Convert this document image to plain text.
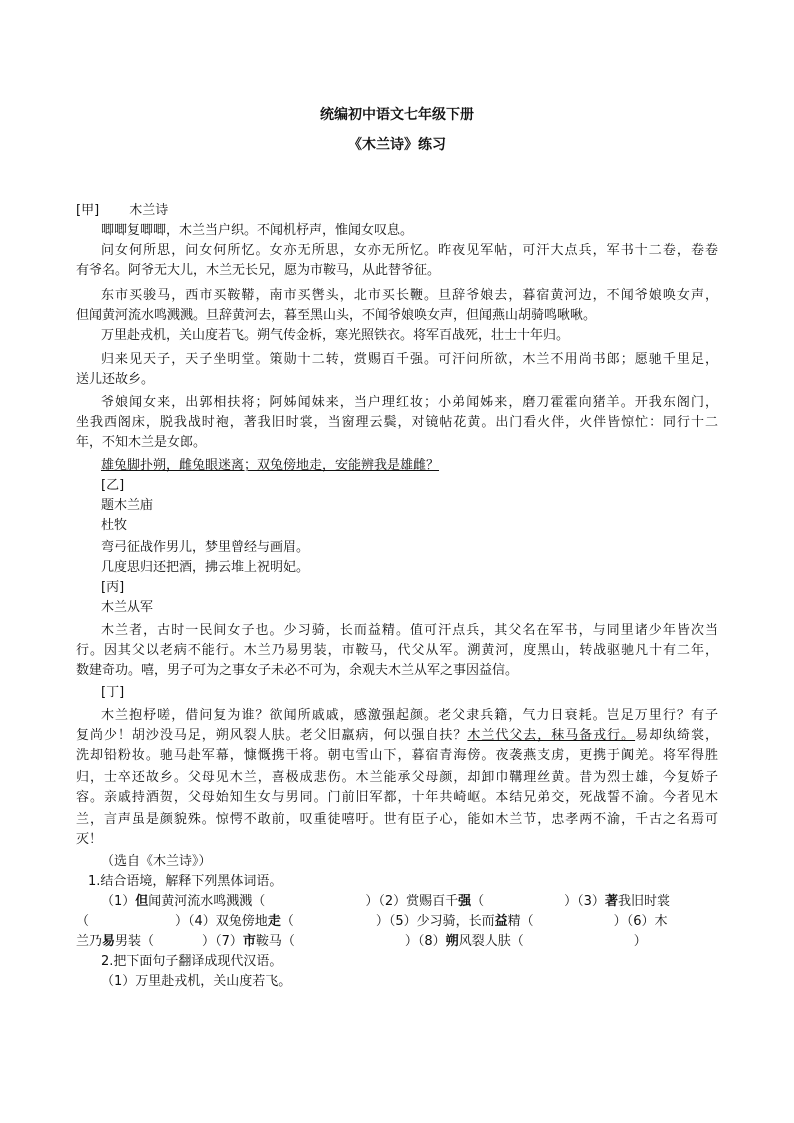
统编初中语文七年级下册
《木兰诗》练习
[甲] 木兰诗
唧唧复唧唧，木兰当户织。不闻机杼声，惟闻女叹息。
问女何所思，问女何所忆。女亦无所思，女亦无所忆。昨夜见军帖，可汗大点兵，军书十二卷，卷卷
有爷名。阿爷无大儿，木兰无长兄，愿为市鞍马，从此替爷征。
东市买骏马，西市买鞍鞯，南市买辔头，北市买长鞭。旦辞爷娘去，暮宿黄河边，不闻爷娘唤女声，
但闻黄河流水鸣溅溅。旦辞黄河去，暮至黑山头，不闻爷娘唤女声，但闻燕山胡骑鸣啾啾。
万里赴戎机，关山度若飞。朔气传金柝，寒光照铁衣。将军百战死，壮士十年归。
归来见天子，天子坐明堂。策勋十二转，赏赐百千强。可汗问所欲，木兰不用尚书郎；愿驰千里足，
送儿还故乡。
爷娘闻女来，出郭相扶将；阿姊闻妹来，当户理红妆；小弟闻姊来，磨刀霍霍向猪羊。开我东阁门，
坐我西阁床，脱我战时袍，著我旧时裳，当窗理云鬓，对镜帖花黄。出门看火伴，火伴皆惊忙：同行十二
年，不知木兰是女郎。
雄兔脚扑朔，雌兔眼迷离；双兔傍地走，安能辨我是雄雌？
[乙]
题木兰庙
杜牧
弯弓征战作男儿，梦里曾经与画眉。
几度思归还把酒，拂云堆上祝明妃。
[丙]
木兰从军
木兰者，古时一民间女子也。少习骑，长而益精。值可汗点兵，其父名在军书，与同里诸少年皆次当
行。因其父以老病不能行。木兰乃易男装，市鞍马，代父从军。溯黄河，度黑山，转战驱驰凡十有二年，
数建奇功。嘻，男子可为之事女子未必不可为，余观夫木兰从军之事因益信。
[丁]
木兰抱杼嗟，借问复为谁？欲闻所戚戚，感激强起颜。老父隶兵籍，气力日衰耗。岂足万里行？有子
复尚少！胡沙没马足，朔风裂人肤。老父旧羸病，何以强自扶？木兰代父去，秣马备戎行。易却纨绮裳，
洗却铅粉妆。驰马赴军幕，慷慨携干将。朝屯雪山下，暮宿青海傍。夜袭燕支虏，更携于阗羌。将军得胜
归，士卒还故乡。父母见木兰，喜极成悲伤。木兰能承父母颜，却卸巾鞲理丝黄。昔为烈士雄，今复娇子
容。亲戚持酒贺，父母始知生女与男同。门前旧军都，十年共崎岖。本结兄弟交，死战誓不渝。今者见木
兰，言声虽是颜貌殊。惊愕不敢前，叹重徒嘻吁。世有臣子心，能如木兰节，忠孝两不渝，千古之名焉可
灭！
（选自《木兰诗》）
1.结合语境，解释下列黑体词语。
（1）但闻黄河流水鸣溅溅（	）（2）赏赐百千强（	）（3）著我旧时裳
（	）（4）双兔傍地走（	）（5）少习骑，长而益精（	）（6）木
兰乃易男装（	）（7）市鞍马（	）（8）朔风裂人肤（	）
2.把下面句子翻译成现代汉语。
（1）万里赴戎机，关山度若飞。
